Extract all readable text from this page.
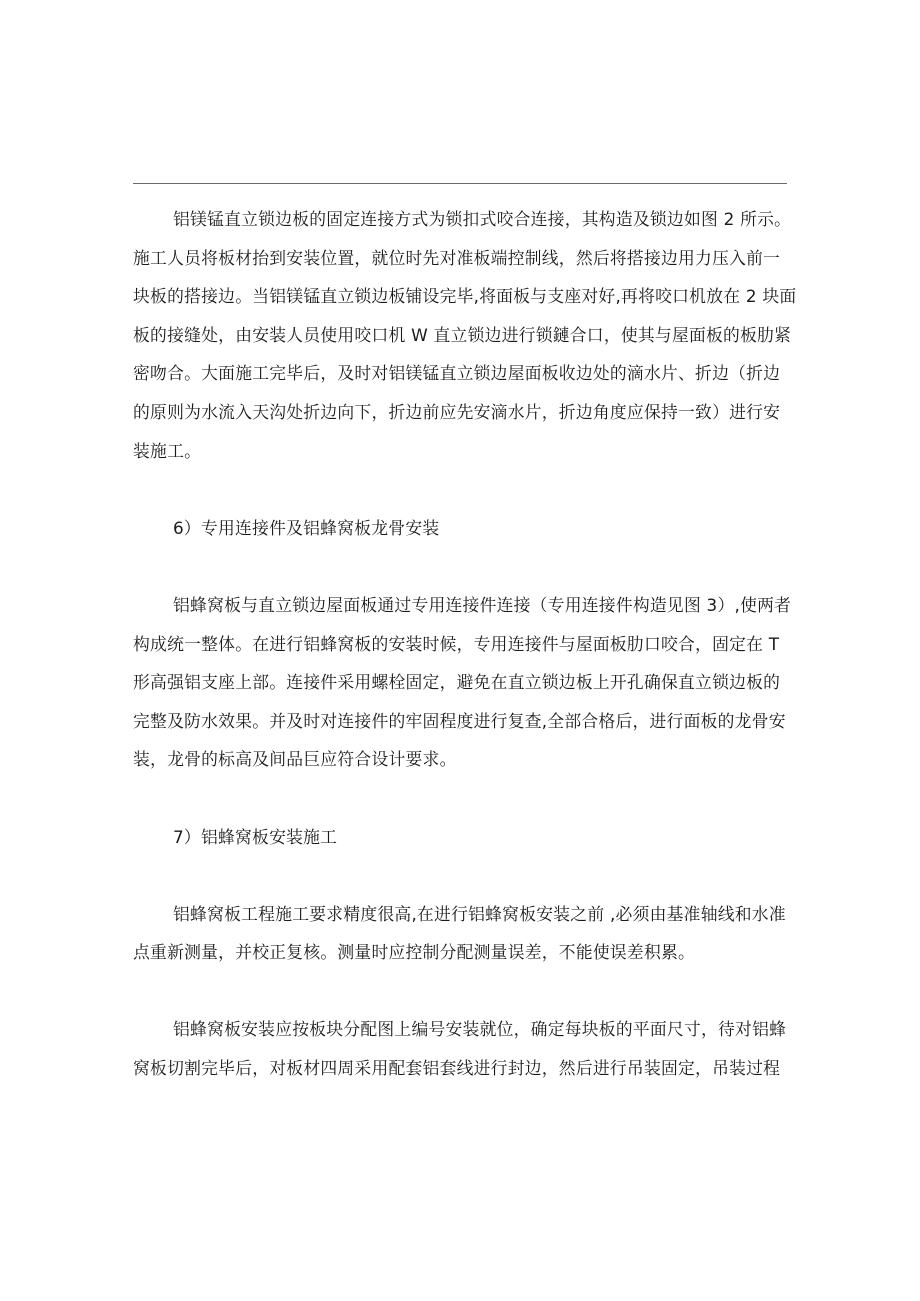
铝镁锰直立锁边板的固定连接方式为锁扣式咬合连接，其构造及锁边如图 2 所示。
施工人员将板材抬到安装位置，就位时先对准板端控制线，然后将搭接边用力压入前一
块板的搭接边。当铝镁锰直立锁边板铺设完毕,将面板与支座对好,再将咬口机放在 2 块面
板的接缝处，由安装人员使用咬口机 W 直立锁边进行锁鏈合口，使其与屋面板的板肋紧
密吻合。大面施工完毕后，及时对铝镁锰直立锁边屋面板收边处的滴水片、折边（折边
的原则为水流入天沟处折边向下，折边前应先安滴水片，折边角度应保持一致）进行安
装施工。
6）专用连接件及铝蜂窝板龙骨安装
铝蜂窝板与直立锁边屋面板通过专用连接件连接（专用连接件构造见图 3）,使两者
构成统一整体。在进行铝蜂窝板的安装时候，专用连接件与屋面板肋口咬合，固定在 T
形高强铝支座上部。连接件采用螺栓固定，避免在直立锁边板上开孔确保直立锁边板的
完整及防水效果。并及时对连接件的牢固程度进行复查,全部合格后，进行面板的龙骨安
装，龙骨的标高及间品巨应符合设计要求。
7）铝蜂窝板安装施工
铝蜂窝板工程施工要求精度很高,在进行铝蜂窝板安装之前 ,必须由基准轴线和水准
点重新测量，并校正复核。测量时应控制分配测量误差，不能使误差积累。
铝蜂窝板安装应按板块分配图上编号安装就位，确定每块板的平面尺寸，待对铝蜂
窝板切割完毕后，对板材四周采用配套铝套线进行封边，然后进行吊装固定，吊装过程
